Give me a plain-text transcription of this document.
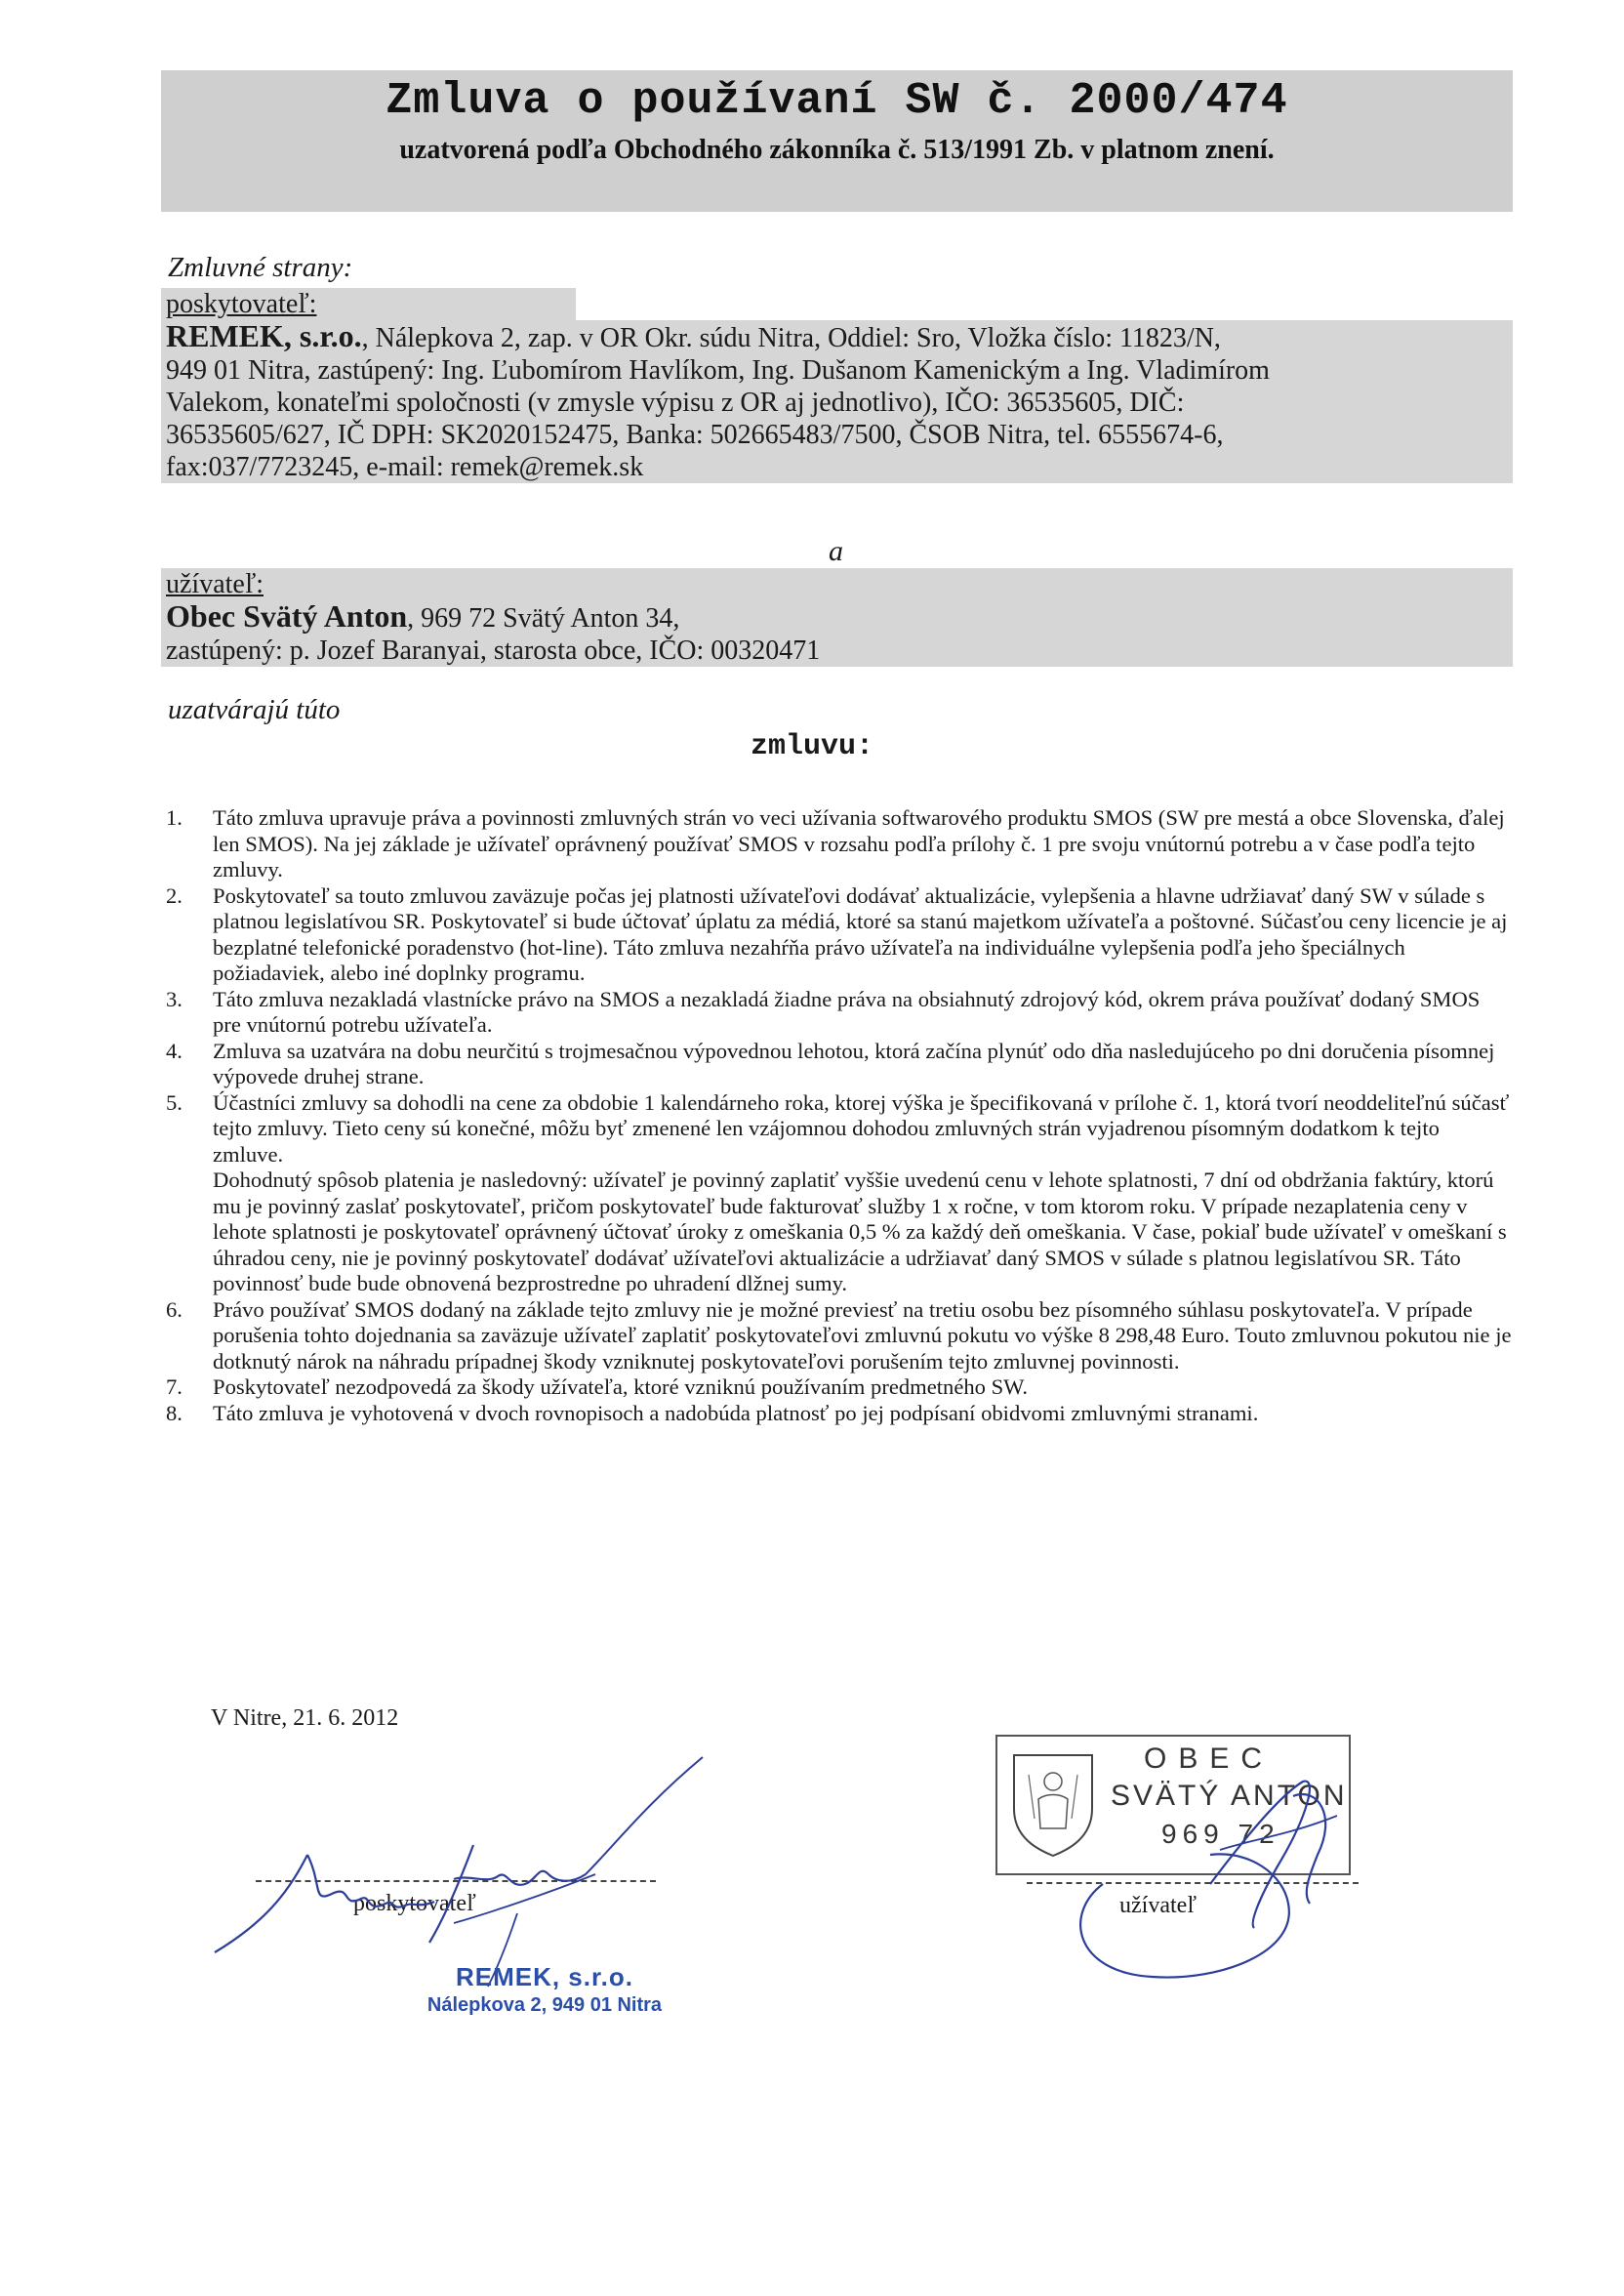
Zmluva o používaní SW č. 2000/474
uzatvorená podľa Obchodného zákonníka č. 513/1991 Zb. v platnom znení.
Zmluvné strany:
poskytovateľ:
REMEK, s.r.o., Nálepkova 2, zap. v OR Okr. súdu Nitra, Oddiel: Sro, Vložka číslo: 11823/N,
949 01 Nitra, zastúpený: Ing. Ľubomírom Havlíkom, Ing. Dušanom Kamenickým a Ing. Vladimírom
Valekom, konateľmi spoločnosti (v zmysle výpisu z OR aj jednotlivo), IČO: 36535605, DIČ:
36535605/627, IČ DPH: SK2020152475, Banka: 502665483/7500, ČSOB Nitra, tel. 6555674-6,
fax:037/7723245, e-mail: remek@remek.sk
a
užívateľ:
Obec Svätý Anton, 969 72 Svätý Anton 34,
zastúpený: p. Jozef Baranyai, starosta obce, IČO: 00320471
uzatvárajú túto
zmluvu:
1. Táto zmluva upravuje práva a povinnosti zmluvných strán vo veci užívania softwarového produktu SMOS (SW pre mestá a obce Slovenska, ďalej len SMOS). Na jej základe je užívateľ oprávnený používať SMOS v rozsahu podľa prílohy č. 1 pre svoju vnútornú potrebu a v čase podľa tejto zmluvy.
2. Poskytovateľ sa touto zmluvou zaväzuje počas jej platnosti užívateľovi dodávať aktualizácie, vylepšenia a hlavne udržiavať daný SW v súlade s platnou legislatívou SR. Poskytovateľ si bude účtovať úplatu za médiá, ktoré sa stanú majetkom užívateľa a poštovné. Súčasťou ceny licencie je aj bezplatné telefonické poradenstvo (hot-line). Táto zmluva nezahŕňa právo užívateľa na individuálne vylepšenia podľa jeho špeciálnych požiadaviek, alebo iné doplnky programu.
3. Táto zmluva nezakladá vlastnícke právo na SMOS a nezakladá žiadne práva na obsiahnutý zdrojový kód, okrem práva používať dodaný SMOS pre vnútornú potrebu užívateľa.
4. Zmluva sa uzatvára na dobu neurčitú s trojmesačnou výpovednou lehotou, ktorá začína plynúť odo dňa nasledujúceho po dni doručenia písomnej výpovede druhej strane.
5. Účastníci zmluvy sa dohodli na cene za obdobie 1 kalendárneho roka, ktorej výška je špecifikovaná v prílohe č. 1, ktorá tvorí neoddeliteľnú súčasť tejto zmluvy. Tieto ceny sú konečné, môžu byť zmenené len vzájomnou dohodou zmluvných strán vyjadrenou písomným dodatkom k tejto zmluve.
Dohodnutý spôsob platenia je nasledovný: užívateľ je povinný zaplatiť vyššie uvedenú cenu v lehote splatnosti, 7 dní od obdržania faktúry, ktorú mu je povinný zaslať poskytovateľ, pričom poskytovateľ bude fakturovať služby 1 x ročne, v tom ktorom roku. V prípade nezaplatenia ceny v lehote splatnosti je poskytovateľ oprávnený účtovať úroky z omeškania 0,5 % za každý deň omeškania. V čase, pokiaľ bude užívateľ v omeškaní s úhradou ceny, nie je povinný poskytovateľ dodávať užívateľovi aktualizácie a udržiavať daný SMOS v súlade s platnou legislatívou SR. Táto povinnosť bude bude obnovená bezprostredne po uhradení dlžnej sumy.
6. Právo používať SMOS dodaný na základe tejto zmluvy nie je možné previesť na tretiu osobu bez písomného súhlasu poskytovateľa. V prípade porušenia tohto dojednania sa zaväzuje užívateľ zaplatiť poskytovateľovi zmluvnú pokutu vo výške 8 298,48 Euro. Touto zmluvnou pokutou nie je dotknutý nárok na náhradu prípadnej škody vzniknutej poskytovateľovi porušením tejto zmluvnej povinnosti.
7. Poskytovateľ nezodpovedá za škody užívateľa, ktoré vzniknú používaním predmetného SW.
8. Táto zmluva je vyhotovená v dvoch rovnopisoch a nadobúda platnosť po jej podpísaní obidvomi zmluvnými stranami.
V Nitre, 21. 6. 2012
poskytovateľ	užívateľ
REMEK, s.r.o.
Nálepkova 2, 949 01 Nitra
OBEC
SVÄTÝ ANTON
969 72
